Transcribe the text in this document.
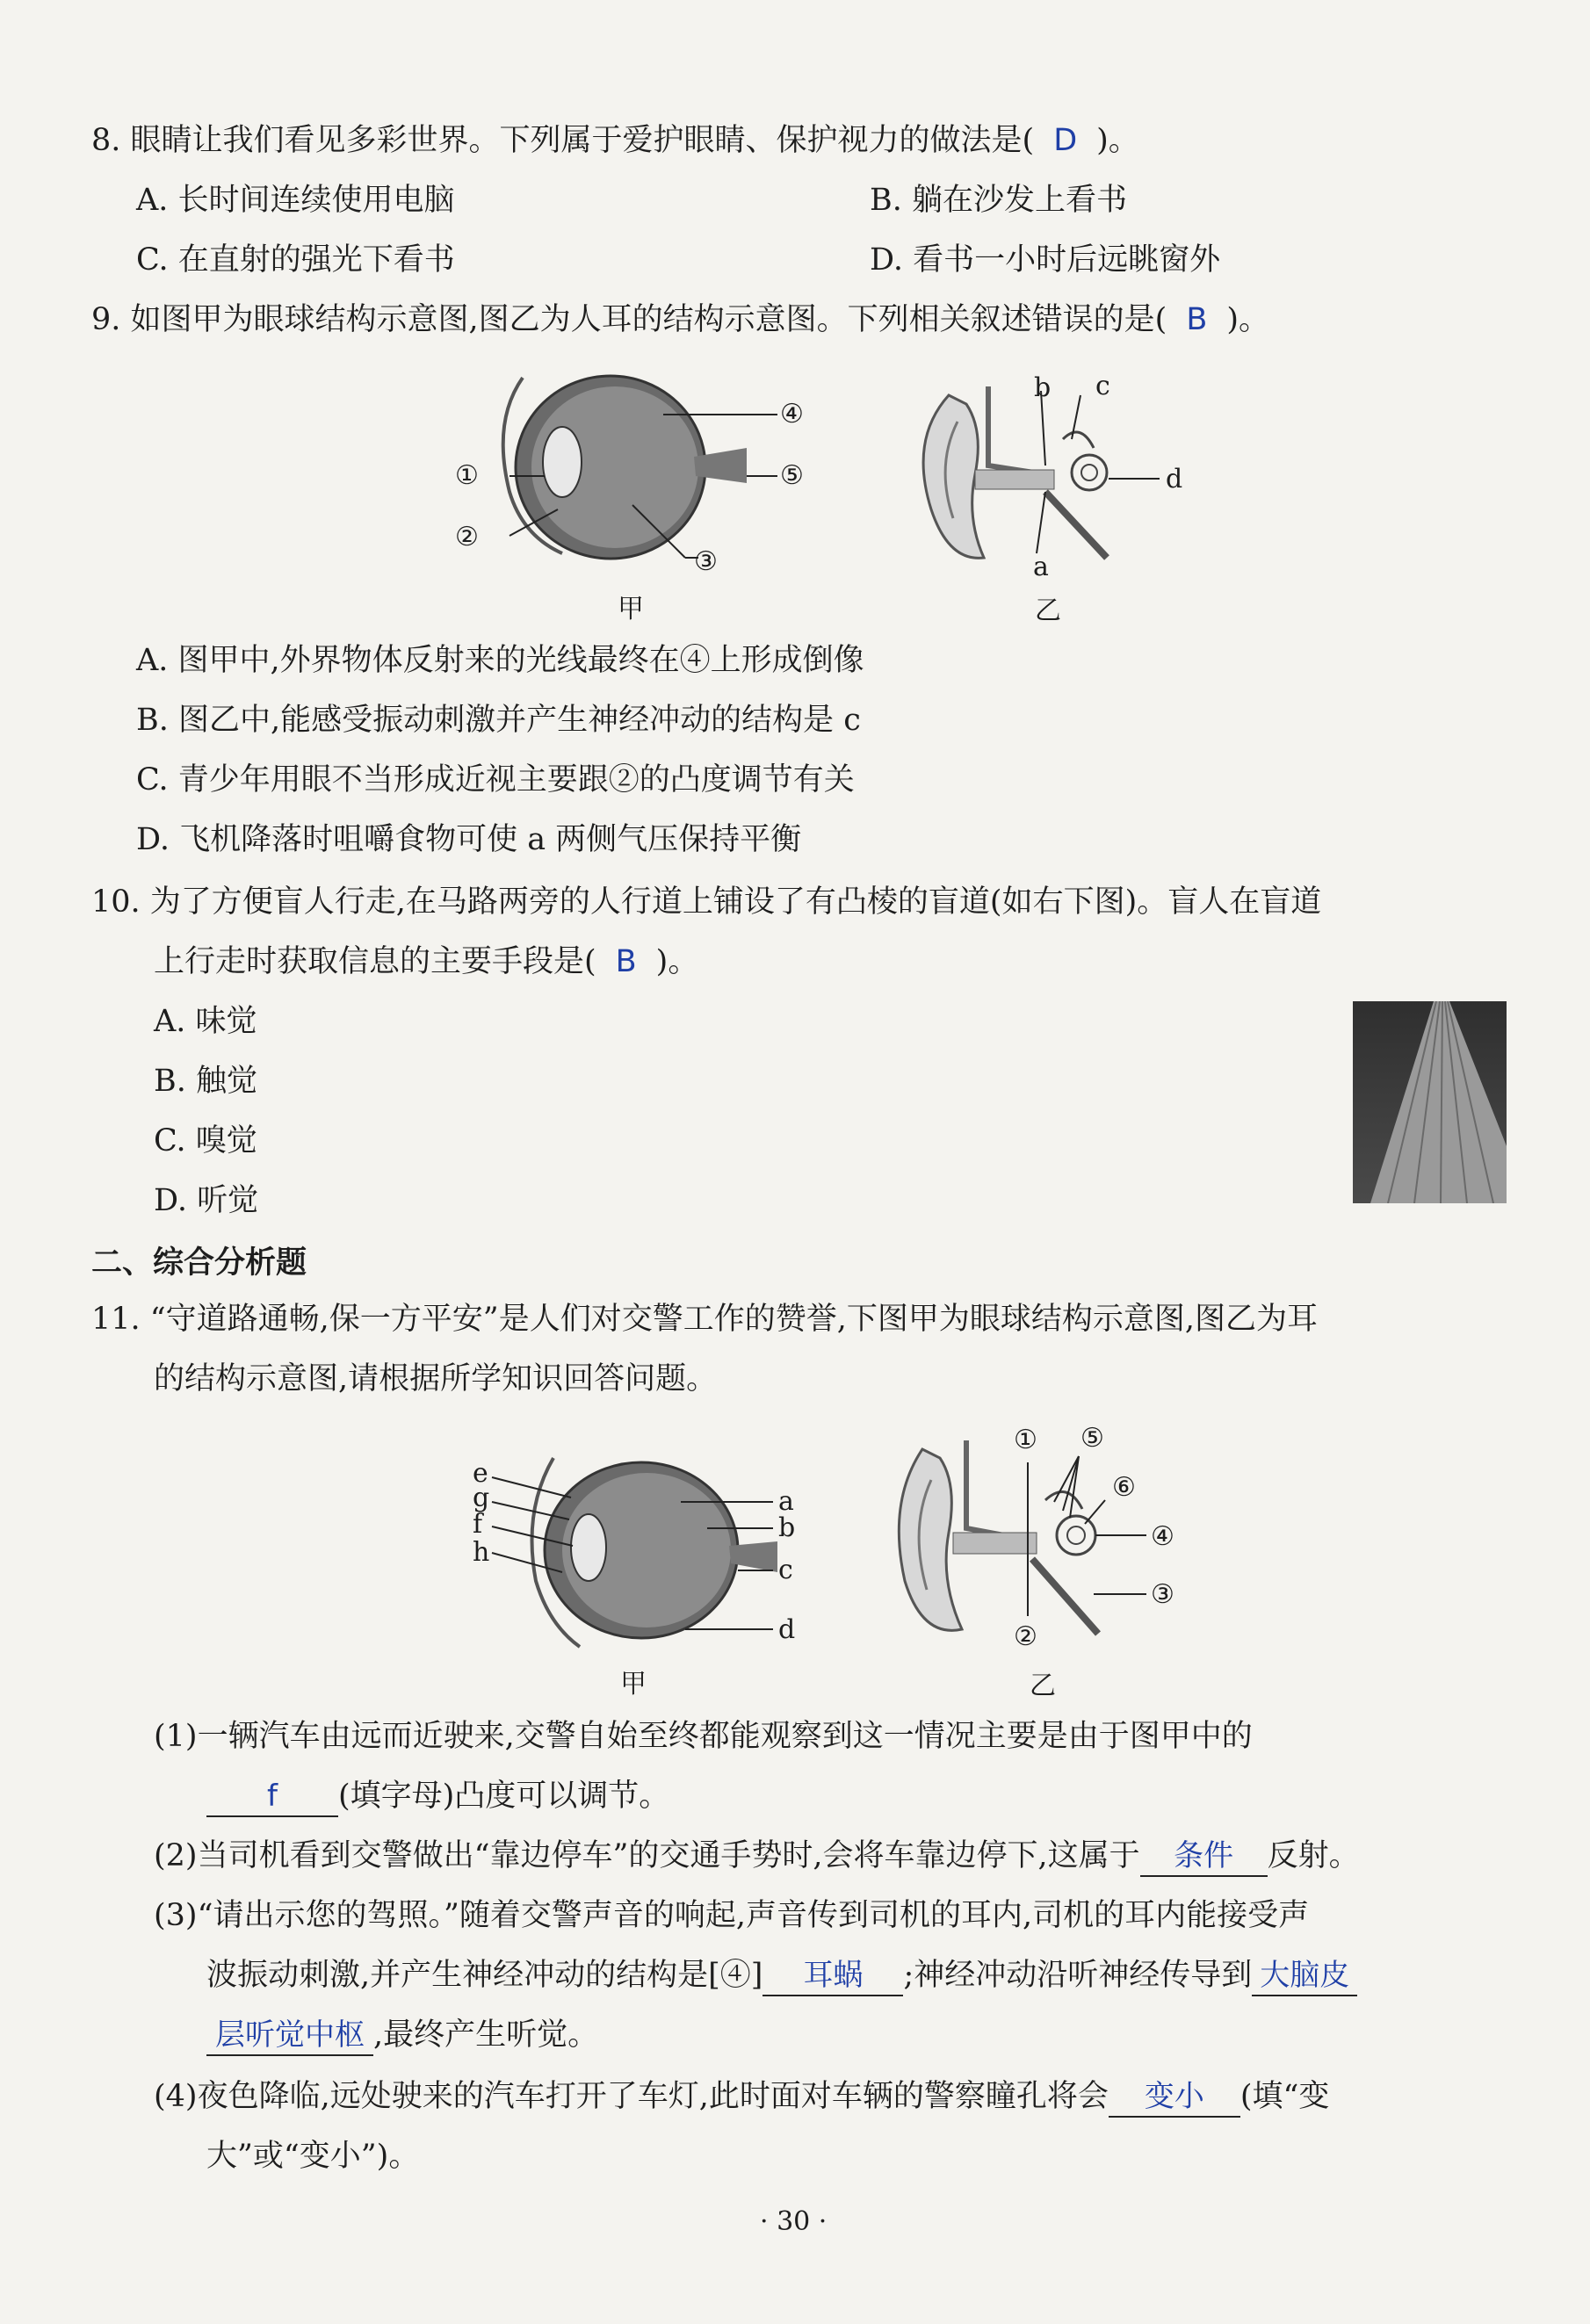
8. 眼睛让我们看见多彩世界。下列属于爱护眼睛、保护视力的做法是( D )。
A. 长时间连续使用电脑	B. 躺在沙发上看书
C. 在直射的强光下看书	D. 看书一小时后远眺窗外
9. 如图甲为眼球结构示意图,图乙为人耳的结构示意图。下列相关叙述错误的是( B )。
④
①	⑤
②
③
甲
b c
d
a
乙
A. 图甲中,外界物体反射来的光线最终在④上形成倒像
B. 图乙中,能感受振动刺激并产生神经冲动的结构是 c
C. 青少年用眼不当形成近视主要跟②的凸度调节有关
D. 飞机降落时咀嚼食物可使 a 两侧气压保持平衡
10. 为了方便盲人行走,在马路两旁的人行道上铺设了有凸棱的盲道(如右下图)。盲人在盲道
上行走时获取信息的主要手段是( B )。
A. 味觉
B. 触觉
C. 嗅觉
D. 听觉
二、综合分析题
11. “守道路通畅,保一方平安”是人们对交警工作的赞誉,下图甲为眼球结构示意图,图乙为耳
的结构示意图,请根据所学知识回答问题。
e
g
f
h
a
b
c
d
甲
① ⑤
⑥
④
③
②
乙
(1)一辆汽车由远而近驶来,交警自始至终都能观察到这一情况主要是由于图甲中的
f (填字母)凸度可以调节。
(2)当司机看到交警做出“靠边停车”的交通手势时,会将车靠边停下,这属于 条件 反射。
(3)“请出示您的驾照。”随着交警声音的响起,声音传到司机的耳内,司机的耳内能接受声
波振动刺激,并产生神经冲动的结构是[④] 耳蜗 ;神经冲动沿听神经传导到 大脑皮
层听觉中枢 ,最终产生听觉。
(4)夜色降临,远处驶来的汽车打开了车灯,此时面对车辆的警察瞳孔将会 变小 (填“变
大”或“变小”)。
· 30 ·
